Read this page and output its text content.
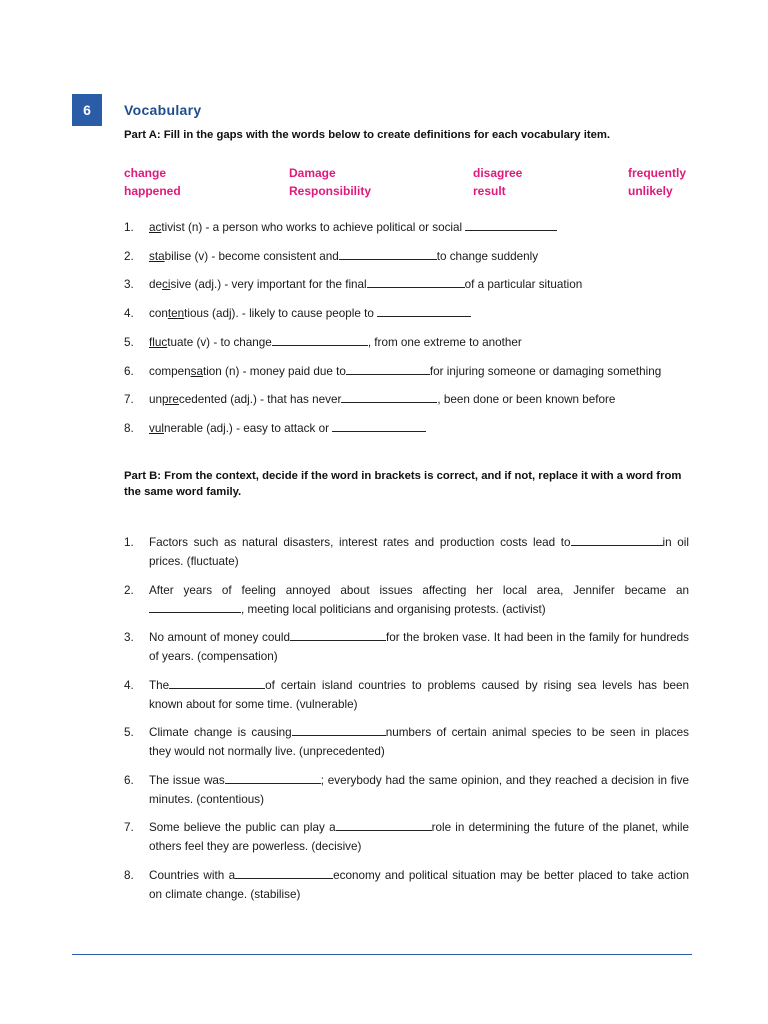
6	Vocabulary
Part A: Fill in the gaps with the words below to create definitions for each vocabulary item.
change	Damage	disagree	frequently
happened	Responsibility	result	unlikely
1. activist (n) - a person who works to achieve political or social
2. stabilise (v) - become consistent and	to change suddenly
3. decisive (adj.) - very important for the final	of a particular situation
4. contentious (adj). - likely to cause people to
5. fluctuate (v) - to change	, from one extreme to another
6. compensation (n) - money paid due to	for injuring someone or damaging something
7. unprecedented (adj.) - that has never	, been done or been known before
8. vulnerable (adj.) - easy to attack or
Part B: From the context, decide if the word in brackets is correct, and if not, replace it with a word from the same word family.
1.	Factors such as natural disasters, interest rates and production costs lead to	in oil prices. (fluctuate)
2.	After years of feeling annoyed about issues affecting her local area, Jennifer became an , meeting local politicians and organising protests. (activist)
3.	No amount of money could	for the broken vase. It had been in the family for hundreds of years. (compensation)
4.	The	of certain island countries to problems caused by rising sea levels has been known about for some time. (vulnerable)
5.	Climate change is causing	numbers of certain animal species to be seen in places they would not normally live. (unprecedented)
6.	The issue was	; everybody had the same opinion, and they reached a decision in five minutes. (contentious)
7.	Some believe the public can play a	role in determining the future of the planet, while others feel they are powerless. (decisive)
8.	Countries with a	economy and political situation may be better placed to take action on climate change. (stabilise)
